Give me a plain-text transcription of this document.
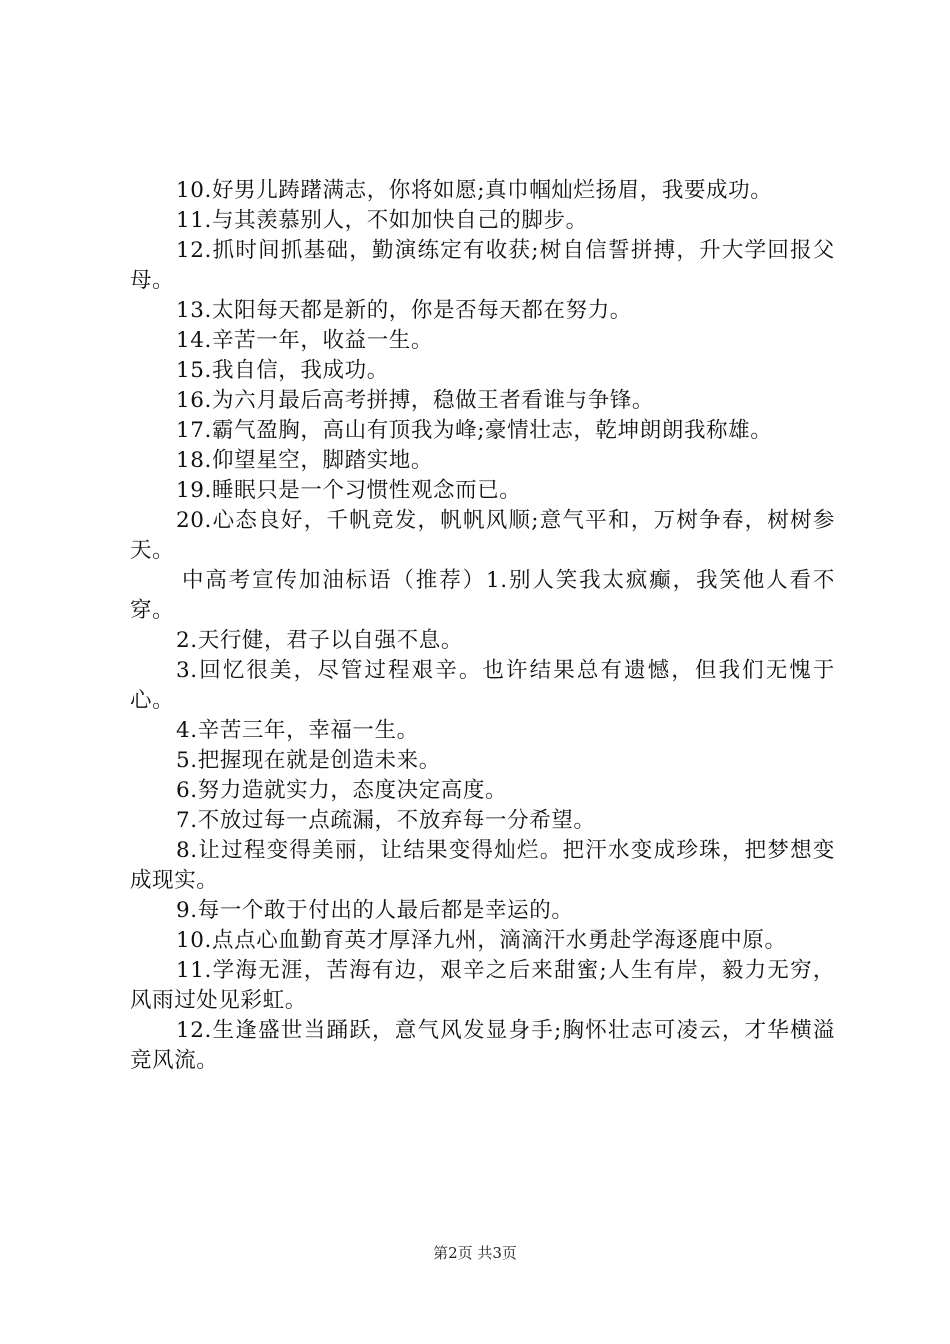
10.好男儿踌躇满志，你将如愿;真巾帼灿烂扬眉，我要成功。

11.与其羡慕别人，不如加快自己的脚步。

12.抓时间抓基础，勤演练定有收获;树自信誓拼搏，升大学回报父母。

13.太阳每天都是新的，你是否每天都在努力。

14.辛苦一年，收益一生。

15.我自信，我成功。

16.为六月最后高考拼搏，稳做王者看谁与争锋。

17.霸气盈胸，高山有顶我为峰;豪情壮志，乾坤朗朗我称雄。

18.仰望星空，脚踏实地。

19.睡眠只是一个习惯性观念而已。

20.心态良好，千帆竞发，帆帆风顺;意气平和，万树争春，树树参天。

中高考宣传加油标语（推荐）1.别人笑我太疯癫，我笑他人看不穿。

2.天行健，君子以自强不息。

3.回忆很美，尽管过程艰辛。也许结果总有遗憾，但我们无愧于心。

4.辛苦三年，幸福一生。

5.把握现在就是创造未来。

6.努力造就实力，态度决定高度。

7.不放过每一点疏漏，不放弃每一分希望。

8.让过程变得美丽，让结果变得灿烂。把汗水变成珍珠，把梦想变成现实。

9.每一个敢于付出的人最后都是幸运的。

10.点点心血勤育英才厚泽九州，滴滴汗水勇赴学海逐鹿中原。

11.学海无涯，苦海有边，艰辛之后来甜蜜;人生有岸，毅力无穷，风雨过处见彩虹。

12.生逢盛世当踊跃，意气风发显身手;胸怀壮志可凌云，才华横溢竞风流。

第2页 共3页
